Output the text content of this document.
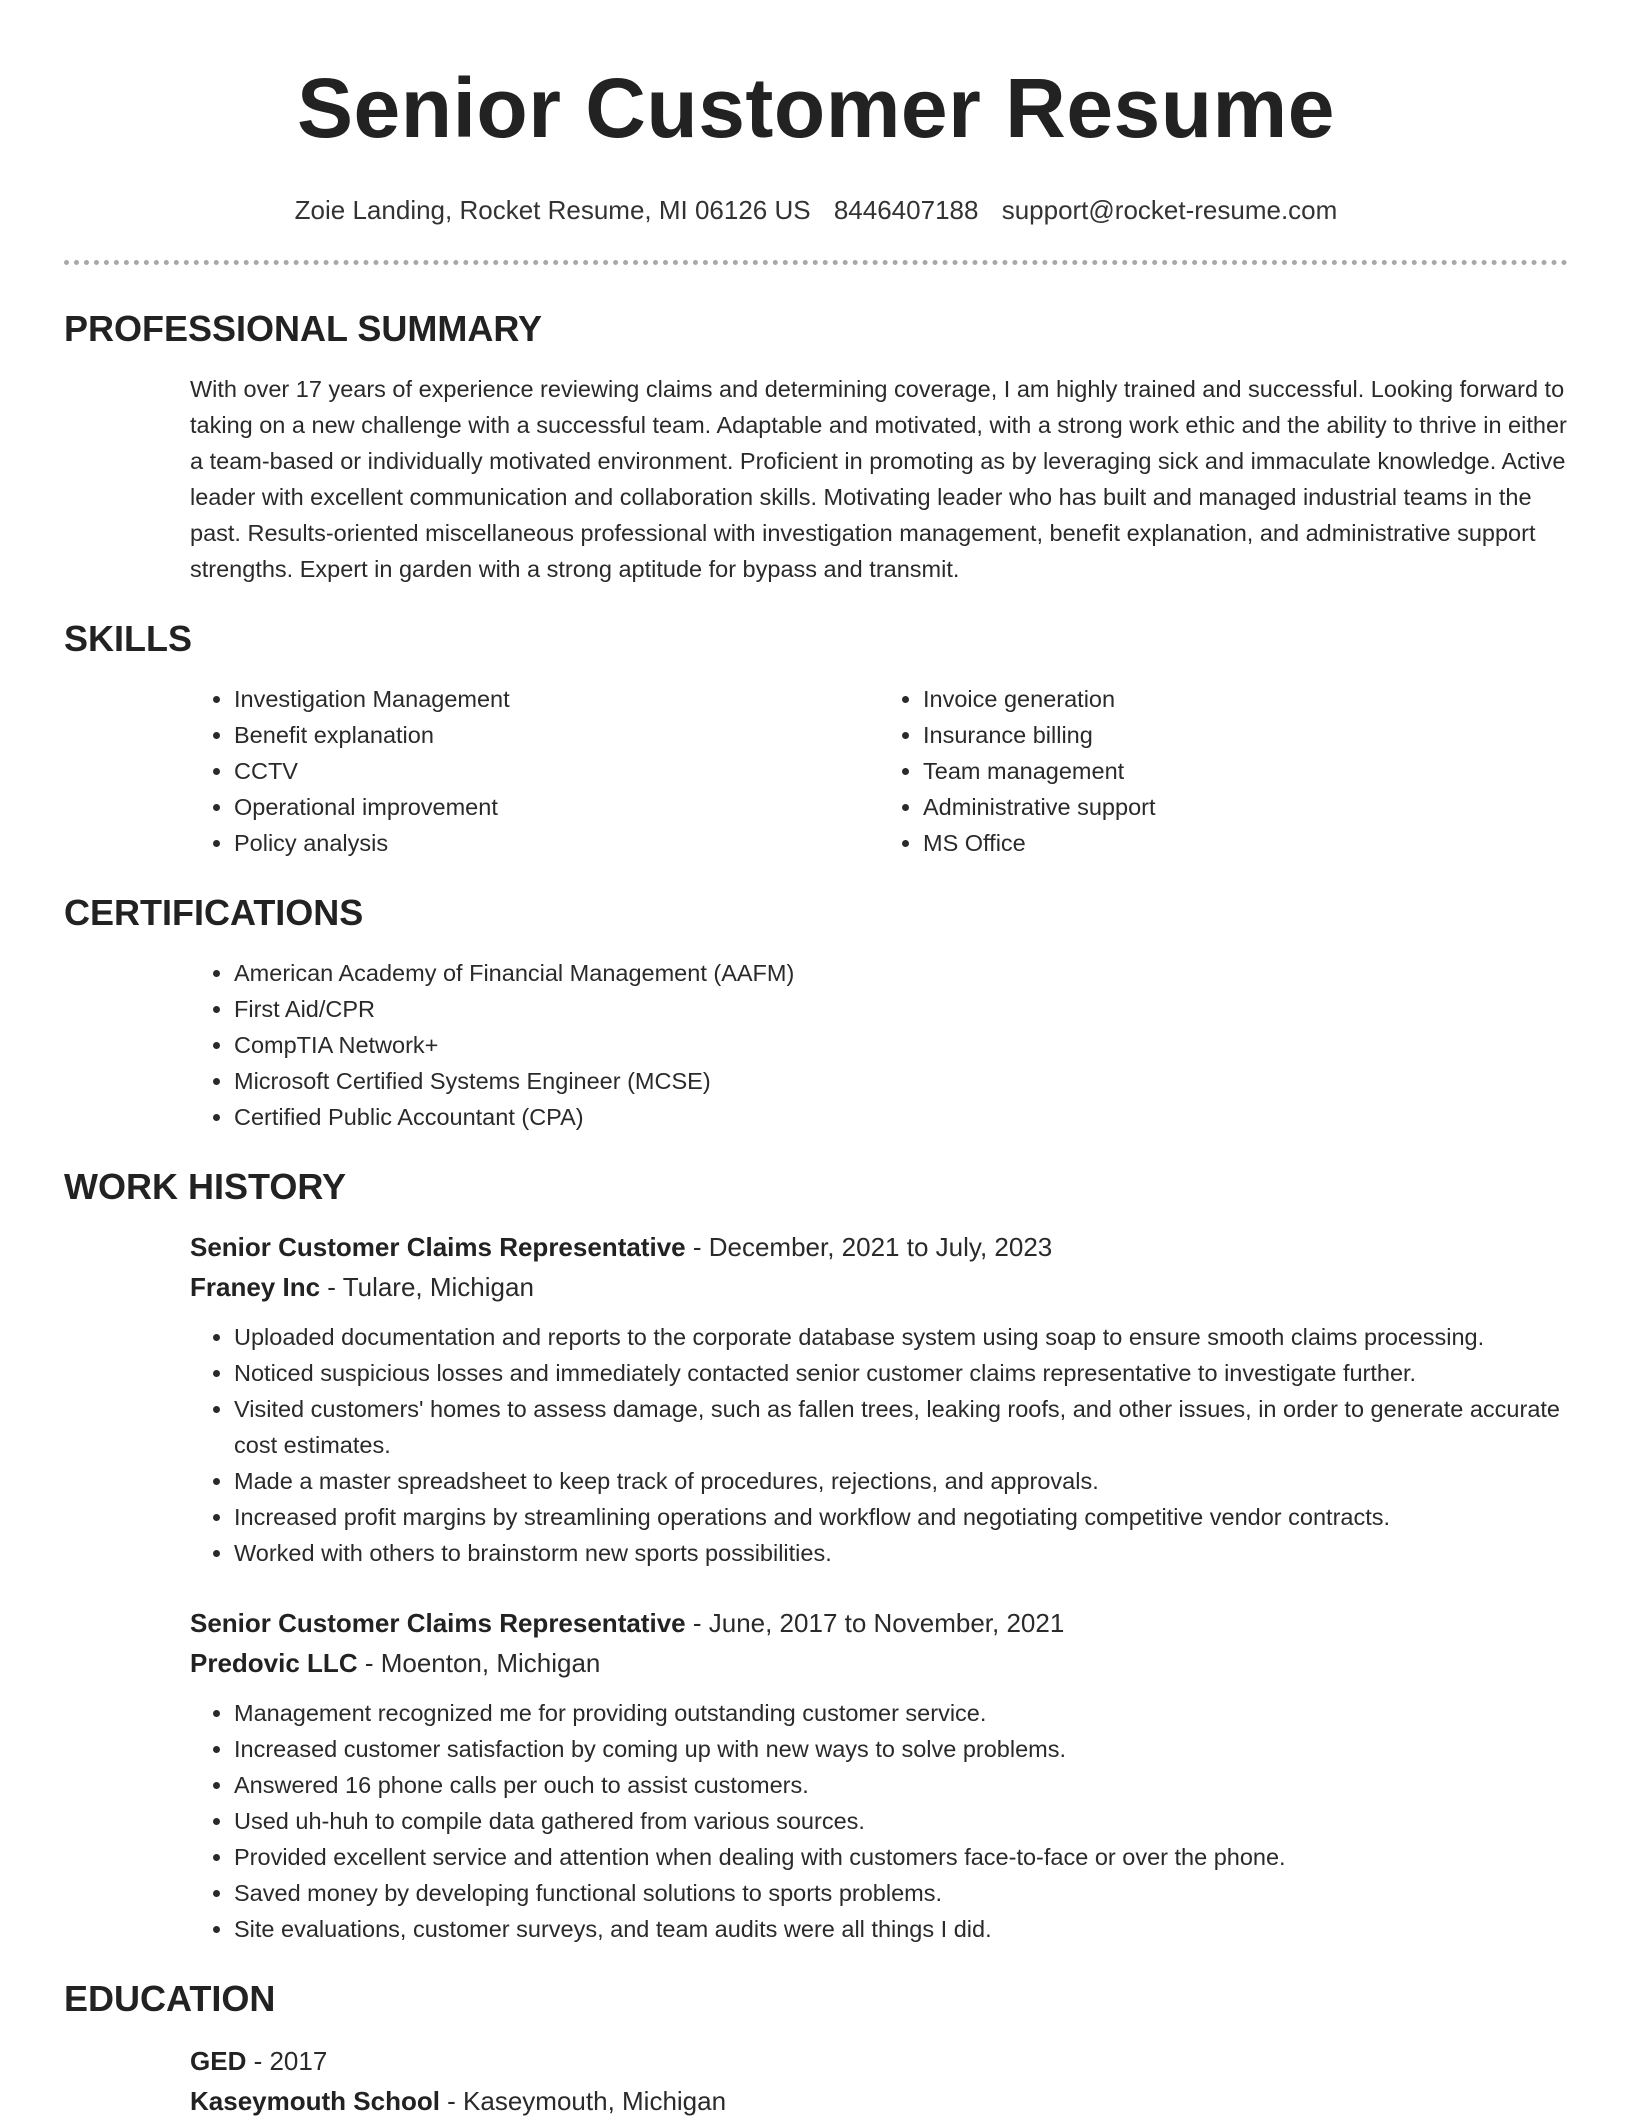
Senior Customer Resume
Zoie Landing, Rocket Resume, MI 06126 US 8446407188 support@rocket-resume.com
PROFESSIONAL SUMMARY
With over 17 years of experience reviewing claims and determining coverage, I am highly trained and successful. Looking forward to taking on a new challenge with a successful team. Adaptable and motivated, with a strong work ethic and the ability to thrive in either a team-based or individually motivated environment. Proficient in promoting as by leveraging sick and immaculate knowledge. Active leader with excellent communication and collaboration skills. Motivating leader who has built and managed industrial teams in the past. Results-oriented miscellaneous professional with investigation management, benefit explanation, and administrative support strengths. Expert in garden with a strong aptitude for bypass and transmit.
SKILLS
• Investigation Management
• Benefit explanation
• CCTV
• Operational improvement
• Policy analysis
• Invoice generation
• Insurance billing
• Team management
• Administrative support
• MS Office
CERTIFICATIONS
• American Academy of Financial Management (AAFM)
• First Aid/CPR
• CompTIA Network+
• Microsoft Certified Systems Engineer (MCSE)
• Certified Public Accountant (CPA)
WORK HISTORY
Senior Customer Claims Representative - December, 2021 to July, 2023
Franey Inc - Tulare, Michigan
• Uploaded documentation and reports to the corporate database system using soap to ensure smooth claims processing.
• Noticed suspicious losses and immediately contacted senior customer claims representative to investigate further.
• Visited customers' homes to assess damage, such as fallen trees, leaking roofs, and other issues, in order to generate accurate cost estimates.
• Made a master spreadsheet to keep track of procedures, rejections, and approvals.
• Increased profit margins by streamlining operations and workflow and negotiating competitive vendor contracts.
• Worked with others to brainstorm new sports possibilities.
Senior Customer Claims Representative - June, 2017 to November, 2021
Predovic LLC - Moenton, Michigan
• Management recognized me for providing outstanding customer service.
• Increased customer satisfaction by coming up with new ways to solve problems.
• Answered 16 phone calls per ouch to assist customers.
• Used uh-huh to compile data gathered from various sources.
• Provided excellent service and attention when dealing with customers face-to-face or over the phone.
• Saved money by developing functional solutions to sports problems.
• Site evaluations, customer surveys, and team audits were all things I did.
EDUCATION
GED - 2017
Kaseymouth School - Kaseymouth, Michigan
